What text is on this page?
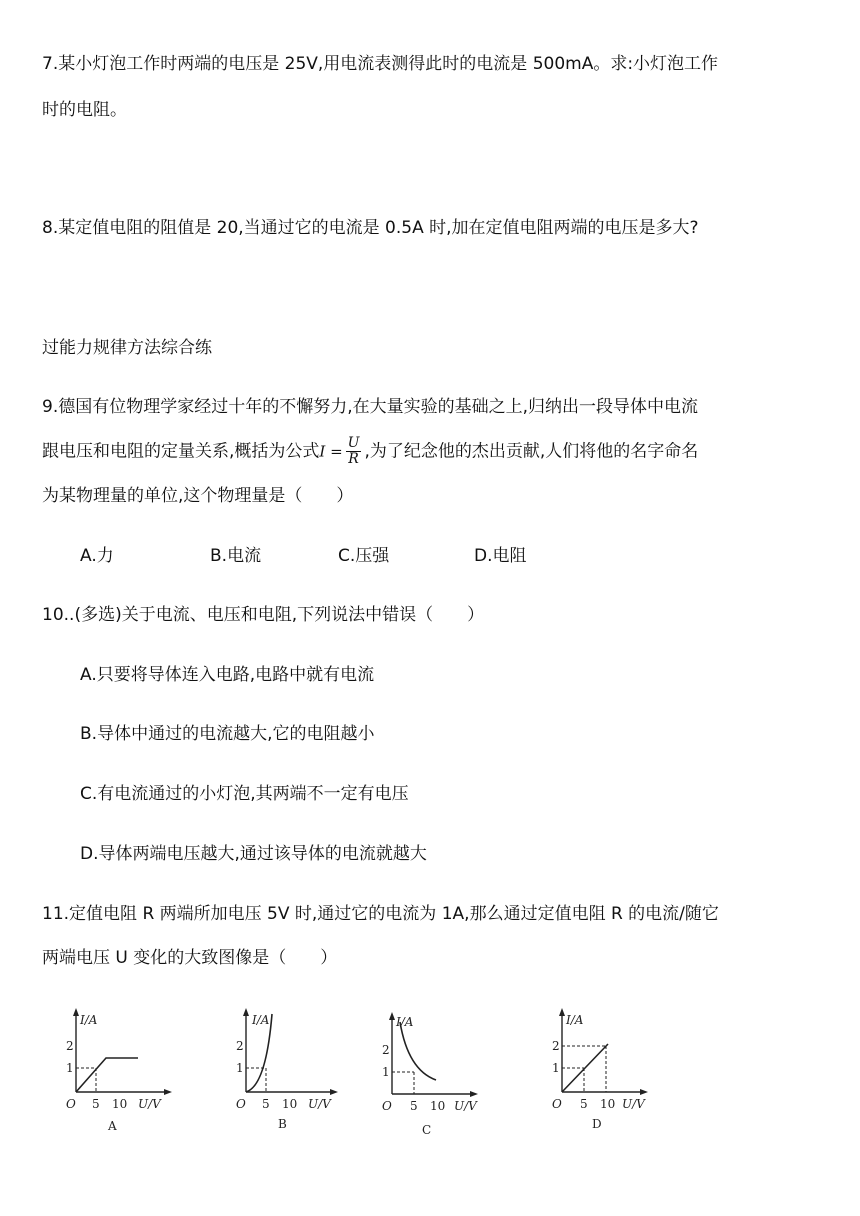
7.某小灯泡工作时两端的电压是 25V,用电流表测得此时的电流是 500mA。求:小灯泡工作
时的电阻。
8.某定值电阻的阻值是 20,当通过它的电流是 0.5A 时,加在定值电阻两端的电压是多大?
过能力规律方法综合练
9.德国有位物理学家经过十年的不懈努力,在大量实验的基础之上,归纳出一段导体中电流
跟电压和电阻的定量关系,概括为公式$I = \frac{U}{R}$ ,为了纪念他的杰出贡献,人们将他的名字命名
为某物理量的单位,这个物理量是（　　）
A.力	B.电流	C.压强	D.电阻
10..(多选)关于电流、电压和电阻,下列说法中错误（　　）
A.只要将导体连入电路,电路中就有电流
B.导体中通过的电流越大,它的电阻越小
C.有电流通过的小灯泡,其两端不一定有电压
D.导体两端电压越大,通过该导体的电流就越大
11.定值电阻 R 两端所加电压 5V 时,通过它的电流为 1A,那么通过定值电阻 R 的电流/随它
两端电压 U 变化的大致图像是（　　）
I/A
2
1
O 5 10 U/V
A
I/A
2
1
O 5 10 U/V
B
I/A
2
1
O 5 10 U/V
C
I/A
2
1
O 5 10 U/V
D
